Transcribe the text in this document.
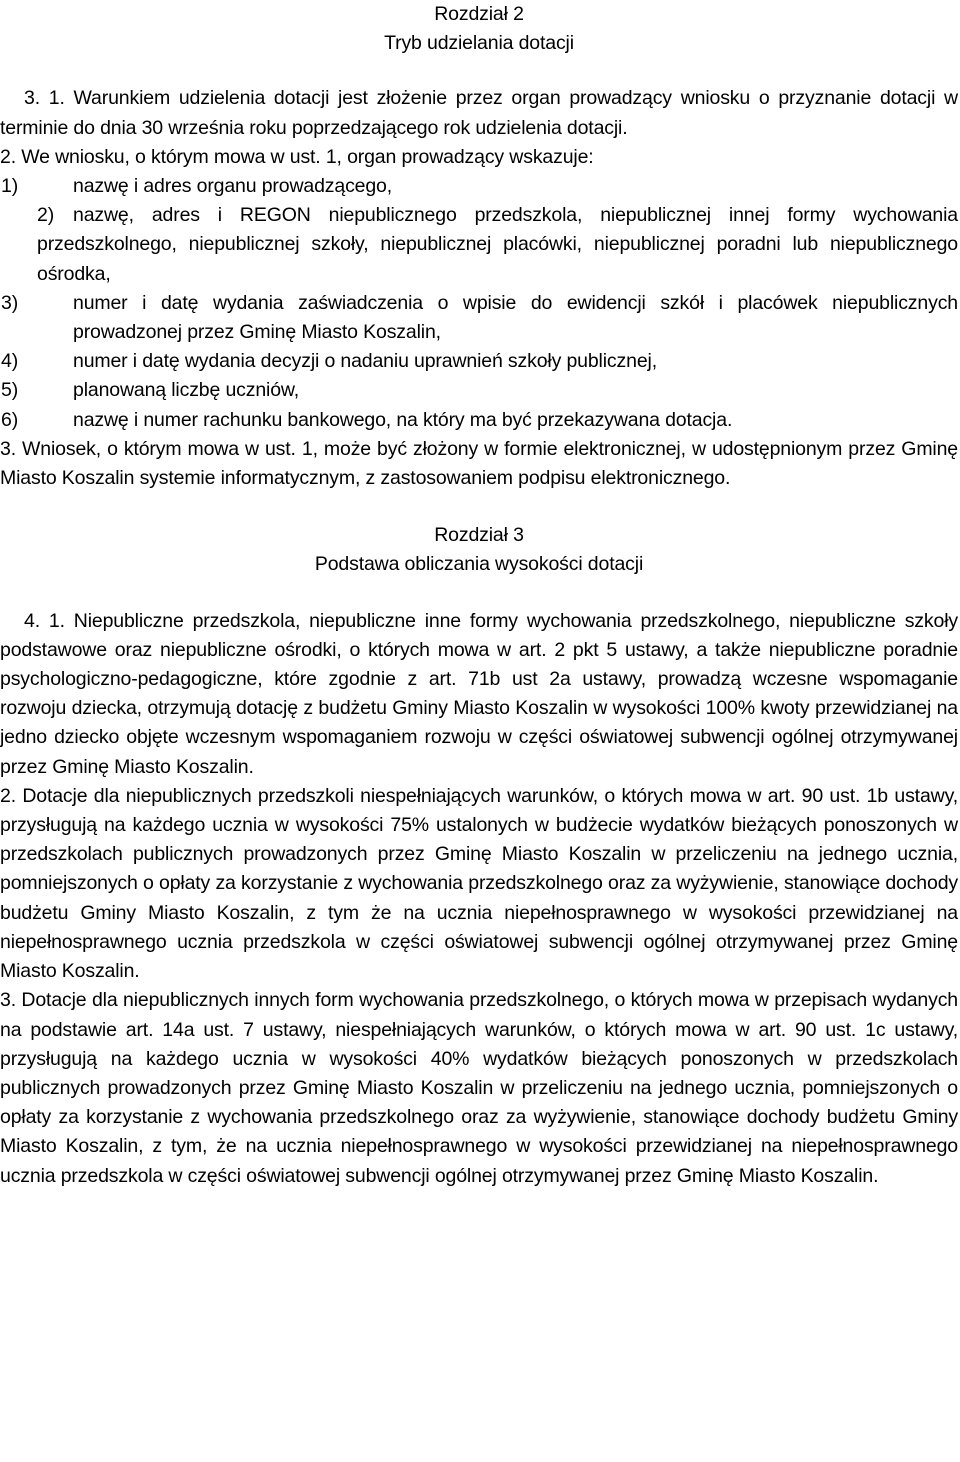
Rozdział 2
Tryb udzielania dotacji

3. 1. Warunkiem udzielenia dotacji jest złożenie przez organ prowadzący wniosku o przyznanie dotacji w terminie do dnia 30 września roku poprzedzającego rok udzielenia dotacji.

2. We wniosku, o którym mowa w ust. 1, organ prowadzący wskazuje:

1)	nazwę i adres organu prowadzącego,

2) nazwę, adres i REGON niepublicznego przedszkola, niepublicznej innej formy wychowania przedszkolnego, niepublicznej szkoły, niepublicznej placówki, niepublicznej poradni lub niepublicznego ośrodka,

3)	numer i datę wydania zaświadczenia o wpisie do ewidencji szkół i placówek niepublicznych prowadzonej przez Gminę Miasto Koszalin,

4)	numer i datę wydania decyzji o nadaniu uprawnień szkoły publicznej,

5)	planowaną liczbę uczniów,

6)	nazwę i numer rachunku bankowego, na który ma być przekazywana dotacja.

3. Wniosek, o którym mowa w ust. 1, może być złożony w formie elektronicznej, w udostępnionym przez Gminę Miasto Koszalin systemie informatycznym, z zastosowaniem podpisu elektronicznego.

Rozdział 3
Podstawa obliczania wysokości dotacji

4. 1. Niepubliczne przedszkola, niepubliczne inne formy wychowania przedszkolnego, niepubliczne szkoły podstawowe oraz niepubliczne ośrodki, o których mowa w art. 2 pkt 5 ustawy, a także niepubliczne poradnie psychologiczno-pedagogiczne, które zgodnie z art. 71b ust 2a ustawy, prowadzą wczesne wspomaganie rozwoju dziecka, otrzymują dotację z budżetu Gminy Miasto Koszalin w wysokości 100% kwoty przewidzianej na jedno dziecko objęte wczesnym wspomaganiem rozwoju w części oświatowej subwencji ogólnej otrzymywanej przez Gminę Miasto Koszalin.

2. Dotacje dla niepublicznych przedszkoli niespełniających warunków, o których mowa w art. 90 ust. 1b ustawy, przysługują na każdego ucznia w wysokości 75% ustalonych w budżecie wydatków bieżących ponoszonych w przedszkolach publicznych prowadzonych przez Gminę Miasto Koszalin w przeliczeniu na jednego ucznia, pomniejszonych o opłaty za korzystanie z wychowania przedszkolnego oraz za wyżywienie, stanowiące dochody budżetu Gminy Miasto Koszalin, z tym że na ucznia niepełnosprawnego w wysokości przewidzianej na niepełnosprawnego ucznia przedszkola w części oświatowej subwencji ogólnej otrzymywanej przez Gminę Miasto Koszalin.

3. Dotacje dla niepublicznych innych form wychowania przedszkolnego, o których mowa w przepisach wydanych na podstawie art. 14a ust. 7 ustawy, niespełniających warunków, o których mowa w art. 90 ust. 1c ustawy, przysługują na każdego ucznia w wysokości 40% wydatków bieżących ponoszonych w przedszkolach publicznych prowadzonych przez Gminę Miasto Koszalin w przeliczeniu na jednego ucznia, pomniejszonych o opłaty za korzystanie z wychowania przedszkolnego oraz za wyżywienie, stanowiące dochody budżetu Gminy Miasto Koszalin, z tym, że na ucznia niepełnosprawnego w wysokości przewidzianej na niepełnosprawnego ucznia przedszkola w części oświatowej subwencji ogólnej otrzymywanej przez Gminę Miasto Koszalin.
